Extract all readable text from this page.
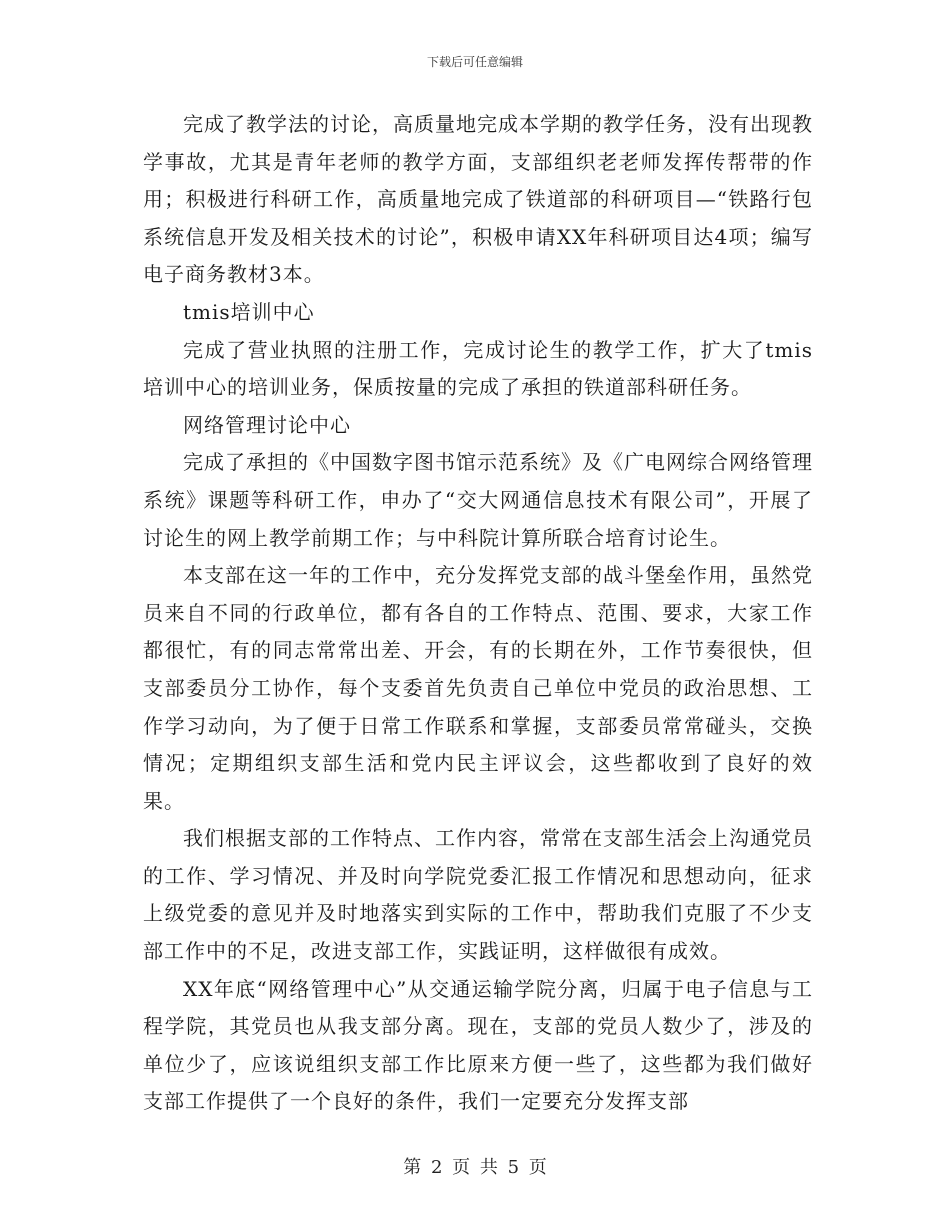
下载后可任意编辑

完成了教学法的讨论，高质量地完成本学期的教学任务，没有出现教学事故，尤其是青年老师的教学方面，支部组织老老师发挥传帮带的作用；积极进行科研工作，高质量地完成了铁道部的科研项目—“铁路行包系统信息开发及相关技术的讨论”，积极申请XX年科研项目达4项；编写电子商务教材3本。

tmis培训中心

完成了营业执照的注册工作，完成讨论生的教学工作，扩大了tmis培训中心的培训业务，保质按量的完成了承担的铁道部科研任务。

网络管理讨论中心

完成了承担的《中国数字图书馆示范系统》及《广电网综合网络管理系统》课题等科研工作，申办了“交大网通信息技术有限公司”，开展了讨论生的网上教学前期工作；与中科院计算所联合培育讨论生。

本支部在这一年的工作中，充分发挥党支部的战斗堡垒作用，虽然党员来自不同的行政单位，都有各自的工作特点、范围、要求，大家工作都很忙，有的同志常常出差、开会，有的长期在外，工作节奏很快，但支部委员分工协作，每个支委首先负责自己单位中党员的政治思想、工作学习动向，为了便于日常工作联系和掌握，支部委员常常碰头，交换情况；定期组织支部生活和党内民主评议会，这些都收到了良好的效果。

我们根据支部的工作特点、工作内容，常常在支部生活会上沟通党员的工作、学习情况、并及时向学院党委汇报工作情况和思想动向，征求上级党委的意见并及时地落实到实际的工作中，帮助我们克服了不少支部工作中的不足，改进支部工作，实践证明，这样做很有成效。

XX年底“网络管理中心”从交通运输学院分离，归属于电子信息与工程学院，其党员也从我支部分离。现在，支部的党员人数少了，涉及的单位少了，应该说组织支部工作比原来方便一些了，这些都为我们做好支部工作提供了一个良好的条件，我们一定要充分发挥支部

第 2 页 共 5 页
